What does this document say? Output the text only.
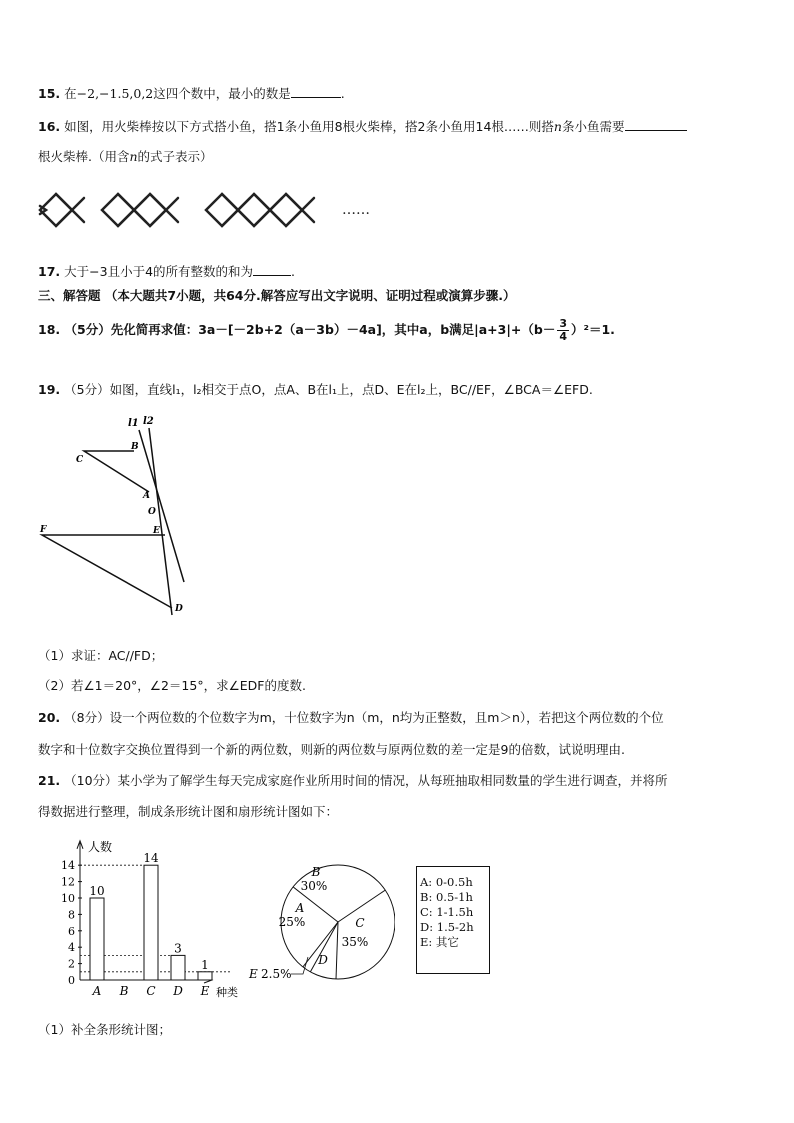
15. 在−2,−1.5,0,2这四个数中，最小的数是	.
16. 如图，用火柴棒按以下方式搭小鱼，搭1条小鱼用8根火柴棒，搭2条小鱼用14根……则搭n条小鱼需要
根火柴棒.（用含n的式子表示）
……
17. 大于−3且小于4的所有整数的和为	.
三、解答题 （本大题共7小题，共64分.解答应写出文字说明、证明过程或演算步骤.）
18. （5分）先化简再求值：3a－[－2b+2（a－3b）－4a]，其中a，b满足$|a+3|+(b- \frac{3}{4} )^2=1$.
19. （5分）如图，直线l₁，l₂相交于点O，点A、B在l₁上，点D、E在l₂上，BC//EF，∠BCA＝∠EFD.
l1 l2
B
C
A
O
F	E
D
（1）求证：AC//FD；
（2）若∠1＝20°，∠2＝15°，求∠EDF的度数.
20. （8分）设一个两位数的个位数字为m，十位数字为n（m，n均为正整数，且m＞n），若把这个两位数的个位
数字和十位数字交换位置得到一个新的两位数，则新的两位数与原两位数的差一定是9的倍数，试说明理由.
21. （10分）某小学为了解学生每天完成家庭作业所用时间的情况，从每班抽取相同数量的学生进行调查，并将所
得数据进行整理，制成条形统计图和扇形统计图如下：
人数
种类
0
2
4
6
8
10
12
14
10
A B
14
C
3
D
1
E
A
25%
B
30%
C
35%
D
E 2.5%
A: 0-0.5h
B: 0.5-1h
C: 1-1.5h
D: 1.5-2h
E: 其它
（1）补全条形统计图；
